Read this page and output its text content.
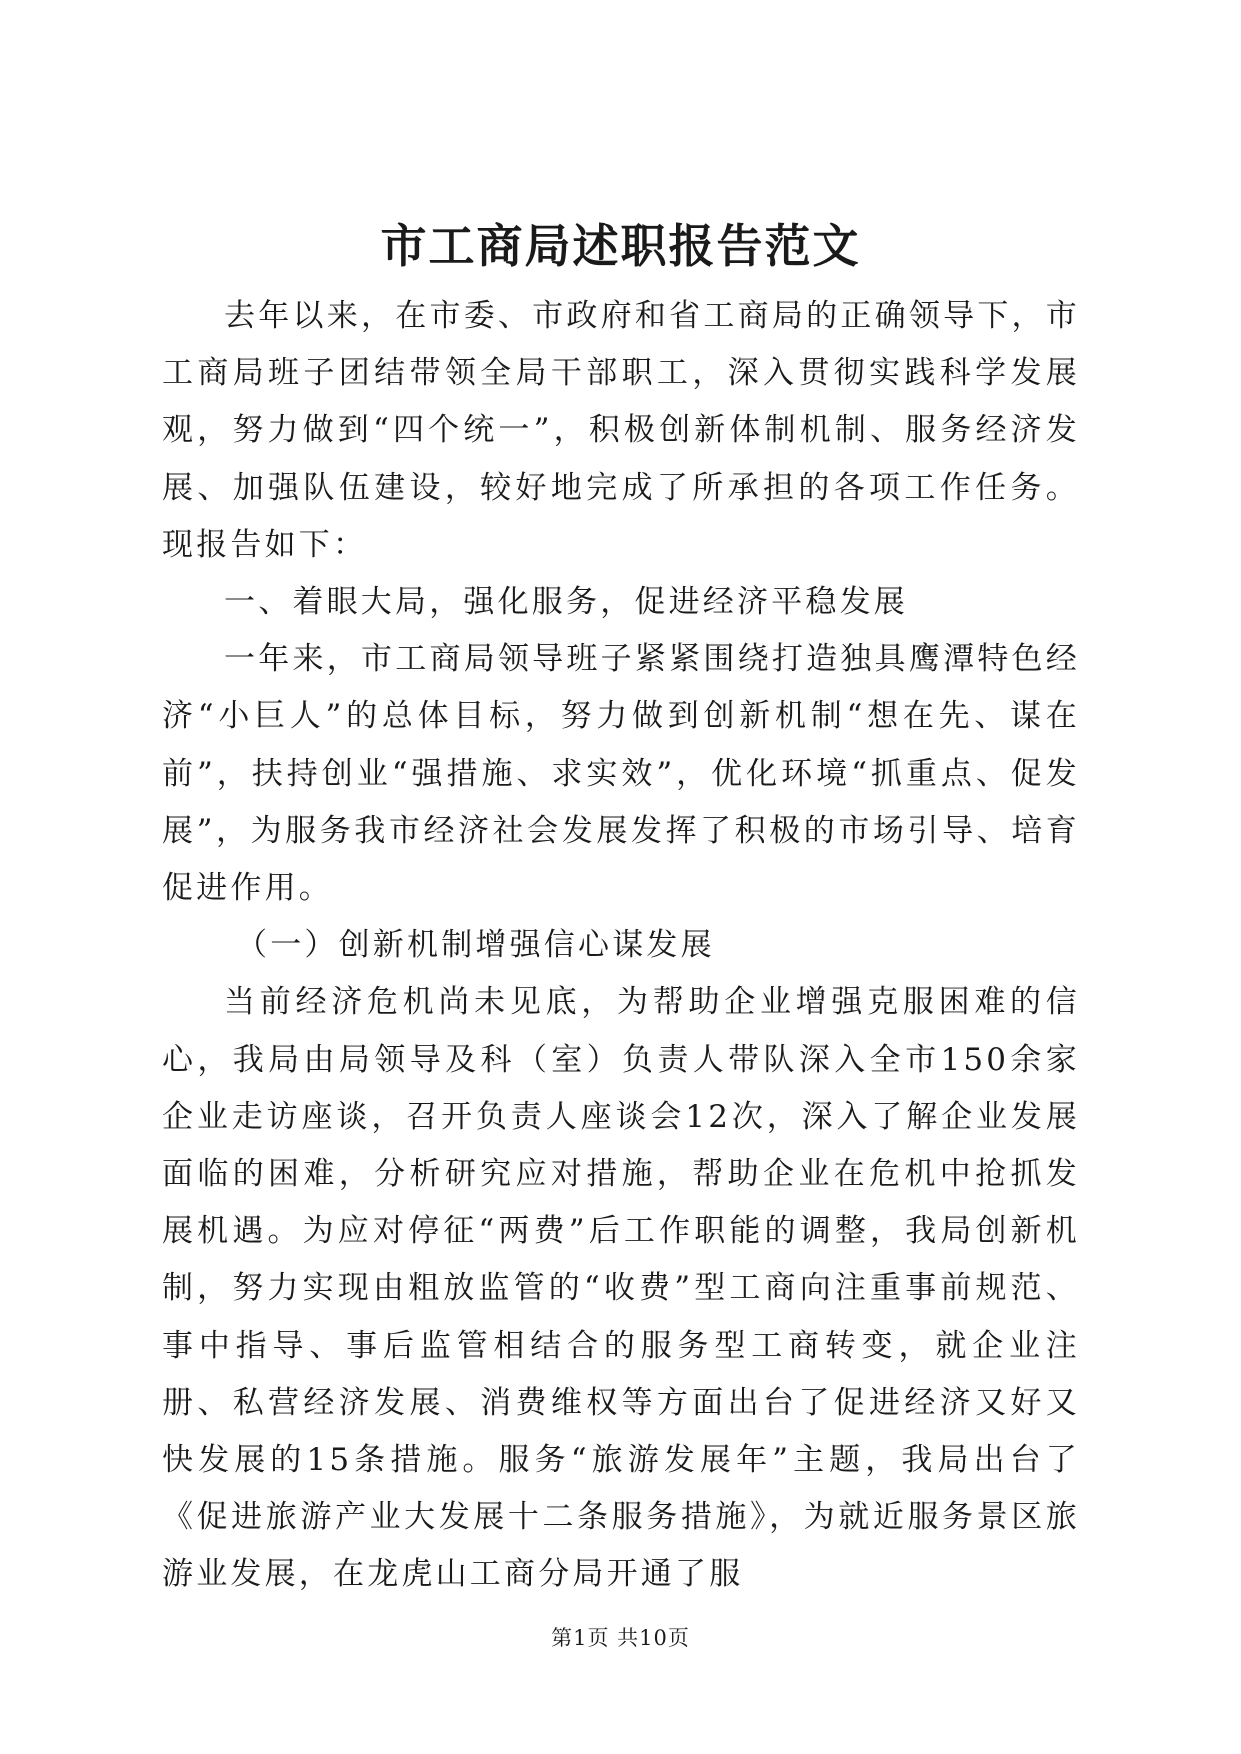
市工商局述职报告范文

去年以来，在市委、市政府和省工商局的正确领导下，市工商局班子团结带领全局干部职工，深入贯彻实践科学发展观，努力做到“四个统一”，积极创新体制机制、服务经济发展、加强队伍建设，较好地完成了所承担的各项工作任务。现报告如下：

一、着眼大局，强化服务，促进经济平稳发展

一年来，市工商局领导班子紧紧围绕打造独具鹰潭特色经济“小巨人”的总体目标，努力做到创新机制“想在先、谋在前”，扶持创业“强措施、求实效”，优化环境“抓重点、促发展”，为服务我市经济社会发展发挥了积极的市场引导、培育促进作用。

（一）创新机制增强信心谋发展

当前经济危机尚未见底，为帮助企业增强克服困难的信心，我局由局领导及科（室）负责人带队深入全市150余家企业走访座谈，召开负责人座谈会12次，深入了解企业发展面临的困难，分析研究应对措施，帮助企业在危机中抢抓发展机遇。为应对停征“两费”后工作职能的调整，我局创新机制，努力实现由粗放监管的“收费”型工商向注重事前规范、事中指导、事后监管相结合的服务型工商转变，就企业注册、私营经济发展、消费维权等方面出台了促进经济又好又快发展的15条措施。服务“旅游发展年”主题，我局出台了《促进旅游产业大发展十二条服务措施》，为就近服务景区旅游业发展，在龙虎山工商分局开通了服

第1页 共10页
